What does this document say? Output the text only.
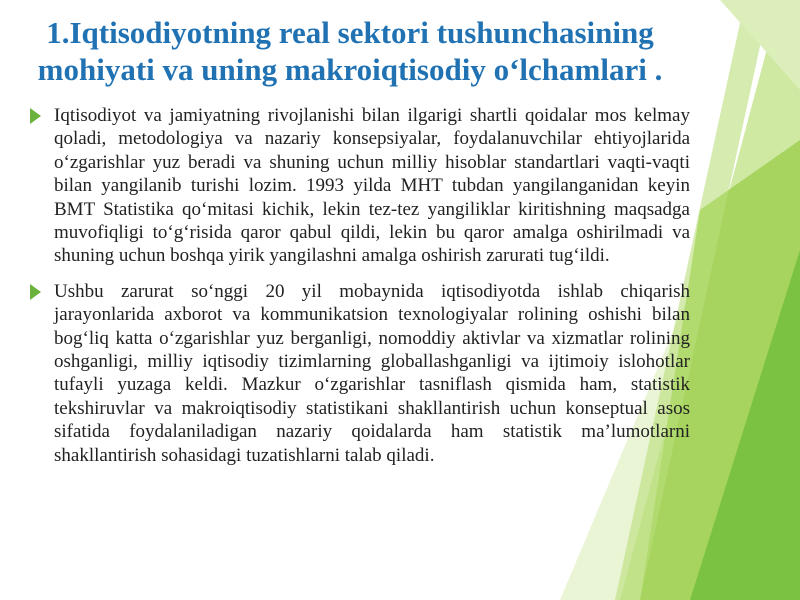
1.Iqtisodiyotning real sektori tushunchasining mohiyati va uning makroiqtisodiy o‘lchamlari .

Iqtisodiyot va jamiyatning rivojlanishi bilan ilgarigi shartli qoidalar mos kelmay qoladi, metodologiya va nazariy konsepsiyalar, foydalanuvchilar ehtiyojlarida o‘zgarishlar yuz beradi va shuning uchun milliy hisoblar standartlari vaqti-vaqti bilan yangilanib turishi lozim. 1993 yilda MHT tubdan yangilanganidan keyin BMT Statistika qo‘mitasi kichik, lekin tez-tez yangiliklar kiritishning maqsadga muvofiqligi to‘g‘risida qaror qabul qildi, lekin bu qaror amalga oshirilmadi va shuning uchun boshqa yirik yangilashni amalga oshirish zarurati tug‘ildi.

Ushbu zarurat so‘nggi 20 yil mobaynida iqtisodiyotda ishlab chiqarish jarayonlarida axborot va kommunikatsion texnologiyalar rolining oshishi bilan bog‘liq katta o‘zgarishlar yuz berganligi, nomoddiy aktivlar va xizmatlar rolining oshganligi, milliy iqtisodiy tizimlarning globallashganligi va ijtimoiy islohotlar tufayli yuzaga keldi. Mazkur o‘zgarishlar tasniflash qismida ham, statistik tekshiruvlar va makroiqtisodiy statistikani shakllantirish uchun konseptual asos sifatida foydalaniladigan nazariy qoidalarda ham statistik ma’lumotlarni shakllantirish sohasidagi tuzatishlarni talab qiladi.
